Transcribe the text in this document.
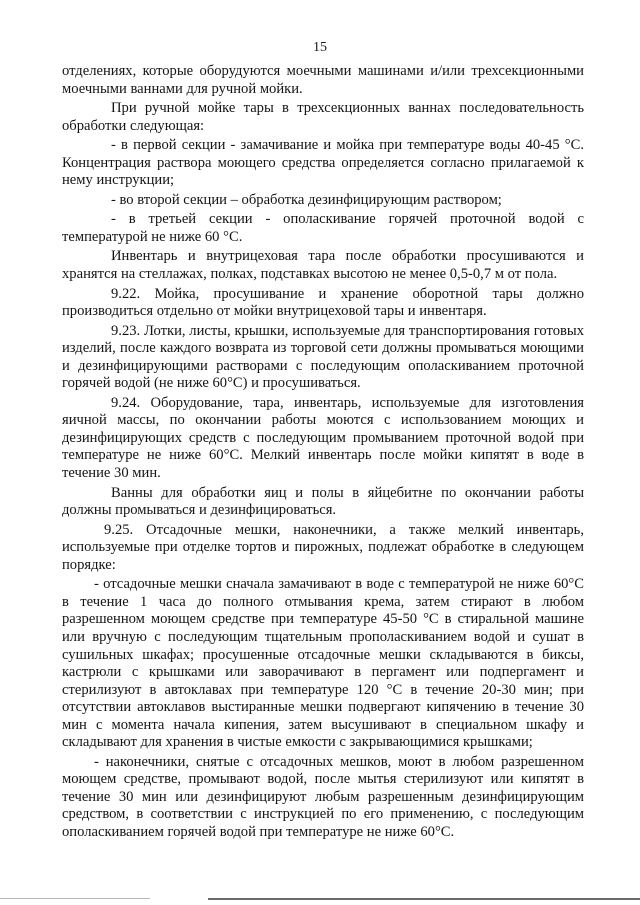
15

отделениях, которые оборудуются моечными машинами и/или трехсекционными моечными ваннами для ручной мойки.

При ручной мойке тары в трехсекционных ваннах последовательность обработки следующая:

- в первой секции - замачивание и мойка при температуре воды 40-45 °С. Концентрация раствора моющего средства определяется согласно прилагаемой к нему инструкции;

- во второй секции – обработка дезинфицирующим раствором;

- в третьей секции - ополаскивание горячей проточной водой с температурой не ниже 60 °С.

Инвентарь и внутрицеховая тара после обработки просушиваются и хранятся на стеллажах, полках, подставках высотою не менее 0,5-0,7 м от пола.

9.22. Мойка, просушивание и хранение оборотной тары должно производиться отдельно от мойки внутрицеховой тары и инвентаря.

9.23. Лотки, листы, крышки, используемые для транспортирования готовых изделий, после каждого возврата из торговой сети должны промываться моющими и дезинфицирующими растворами с последующим ополаскиванием проточной горячей водой (не ниже 60°С) и просушиваться.

9.24. Оборудование, тара, инвентарь, используемые для изготовления яичной массы, по окончании работы моются с использованием моющих и дезинфицирующих средств с последующим промыванием проточной водой при температуре не ниже 60°С. Мелкий инвентарь после мойки кипятят в воде в течение 30 мин.

Ванны для обработки яиц и полы в яйцебитне по окончании работы должны промываться и дезинфицироваться.

9.25. Отсадочные мешки, наконечники, а также мелкий инвентарь, используемые при отделке тортов и пирожных, подлежат обработке в следующем порядке:

- отсадочные мешки сначала замачивают в воде с температурой не ниже 60°С в течение 1 часа до полного отмывания крема, затем стирают в любом разрешенном моющем средстве при температуре 45-50 °С в стиральной машине или вручную с последующим тщательным прополаскиванием водой и сушат в сушильных шкафах; просушенные отсадочные мешки складываются в биксы, кастрюли с крышками или заворачивают в пергамент или подпергамент и стерилизуют в автоклавах при температуре 120 °С в течение 20-30 мин; при отсутствии автоклавов выстиранные мешки подвергают кипячению в течение 30 мин с момента начала кипения, затем высушивают в специальном шкафу и складывают для хранения в чистые емкости с закрывающимися крышками;

- наконечники, снятые с отсадочных мешков, моют в любом разрешенном моющем средстве, промывают водой, после мытья стерилизуют или кипятят в течение 30 мин или дезинфицируют любым разрешенным дезинфицирующим средством, в соответствии с инструкцией по его применению, с последующим ополаскиванием горячей водой при температуре не ниже 60°С.
